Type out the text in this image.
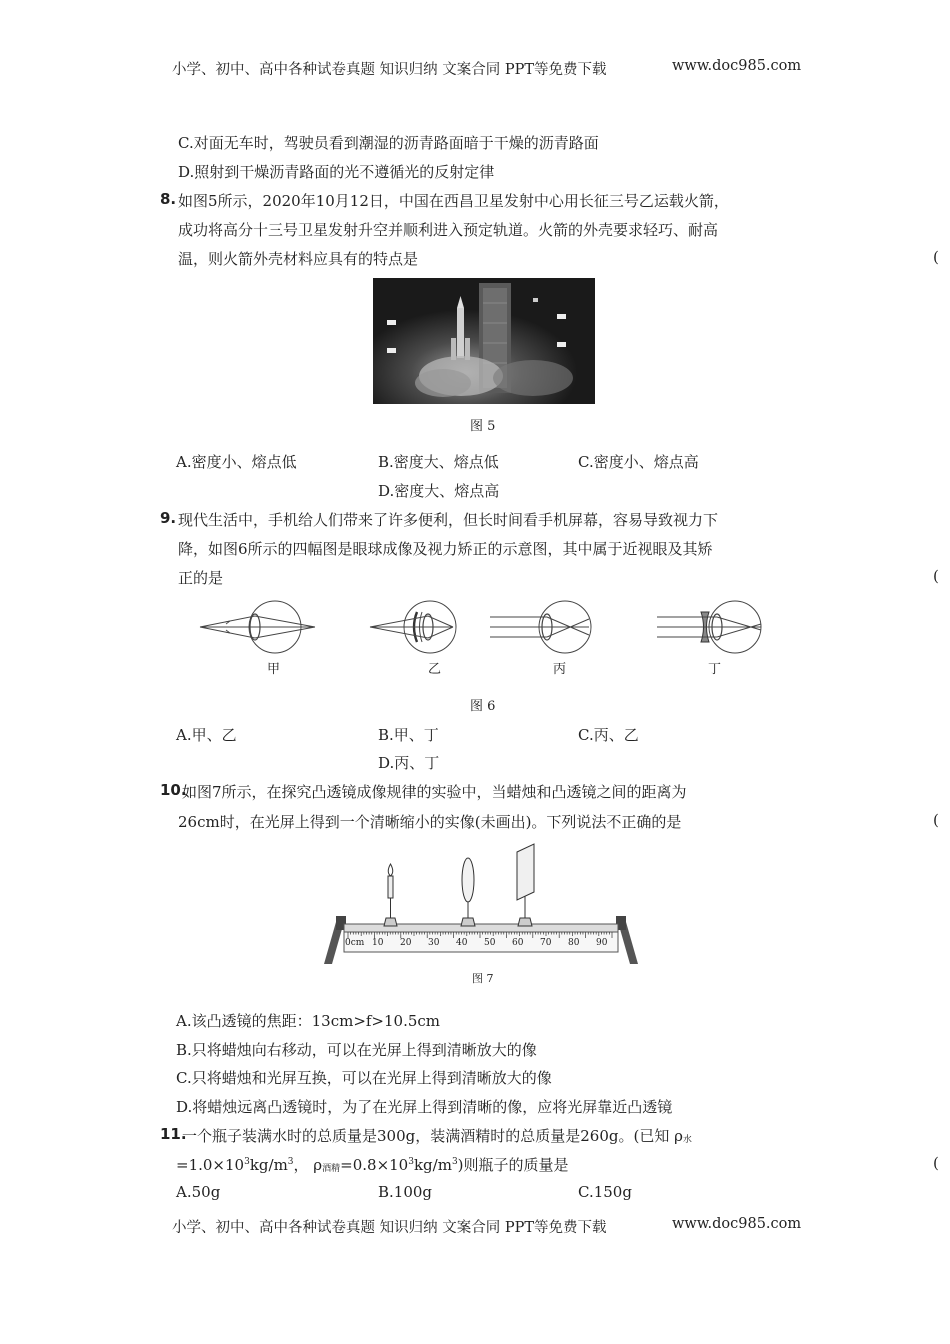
小学、初中、高中各种试卷真题 知识归纳 文案合同 PPT等免费下载	www.doc985.com
C.对面无车时，驾驶员看到潮湿的沥青路面暗于干燥的沥青路面
D.照射到干燥沥青路面的光不遵循光的反射定律
8. 如图5所示，2020年10月12日，中国在西昌卫星发射中心用长征三号乙运载火箭，
成功将高分十三号卫星发射升空并顺利进入预定轨道。火箭的外壳要求轻巧、耐高
温，则火箭外壳材料应具有的特点是	(
图 5
A.密度小、熔点低	B.密度大、熔点低	C.密度小、熔点高
D.密度大、熔点高
9. 现代生活中，手机给人们带来了许多便利，但长时间看手机屏幕，容易导致视力下
降，如图6所示的四幅图是眼球成像及视力矫正的示意图，其中属于近视眼及其矫
正的是	(
甲	乙	丙	丁
图 6
A.甲、乙	B.甲、丁	C.丙、乙
D.丙、丁
10.
如图7所示，在探究凸透镜成像规律的实验中，当蜡烛和凸透镜之间的距离为
26cm时，在光屏上得到一个清晰缩小的实像(未画出)。下列说法不正确的是	(
0cm 10 20 30 40 50 60 70 80 90
图 7
A.该凸透镜的焦距：13cm>f>10.5cm
B.只将蜡烛向右移动，可以在光屏上得到清晰放大的像
C.只将蜡烛和光屏互换，可以在光屏上得到清晰放大的像
D.将蜡烛远离凸透镜时，为了在光屏上得到清晰的像，应将光屏靠近凸透镜
11.
一个瓶子装满水时的总质量是300g，装满酒精时的总质量是260g。(已知 ρ水
$=1.0\times 10^3kg/m^3$， ρ酒精$=0.8\times 10^3kg/m^3$)则瓶子的质量是	(
A.50g	B.100g	C.150g
小学、初中、高中各种试卷真题 知识归纳 文案合同 PPT等免费下载	www.doc985.com
